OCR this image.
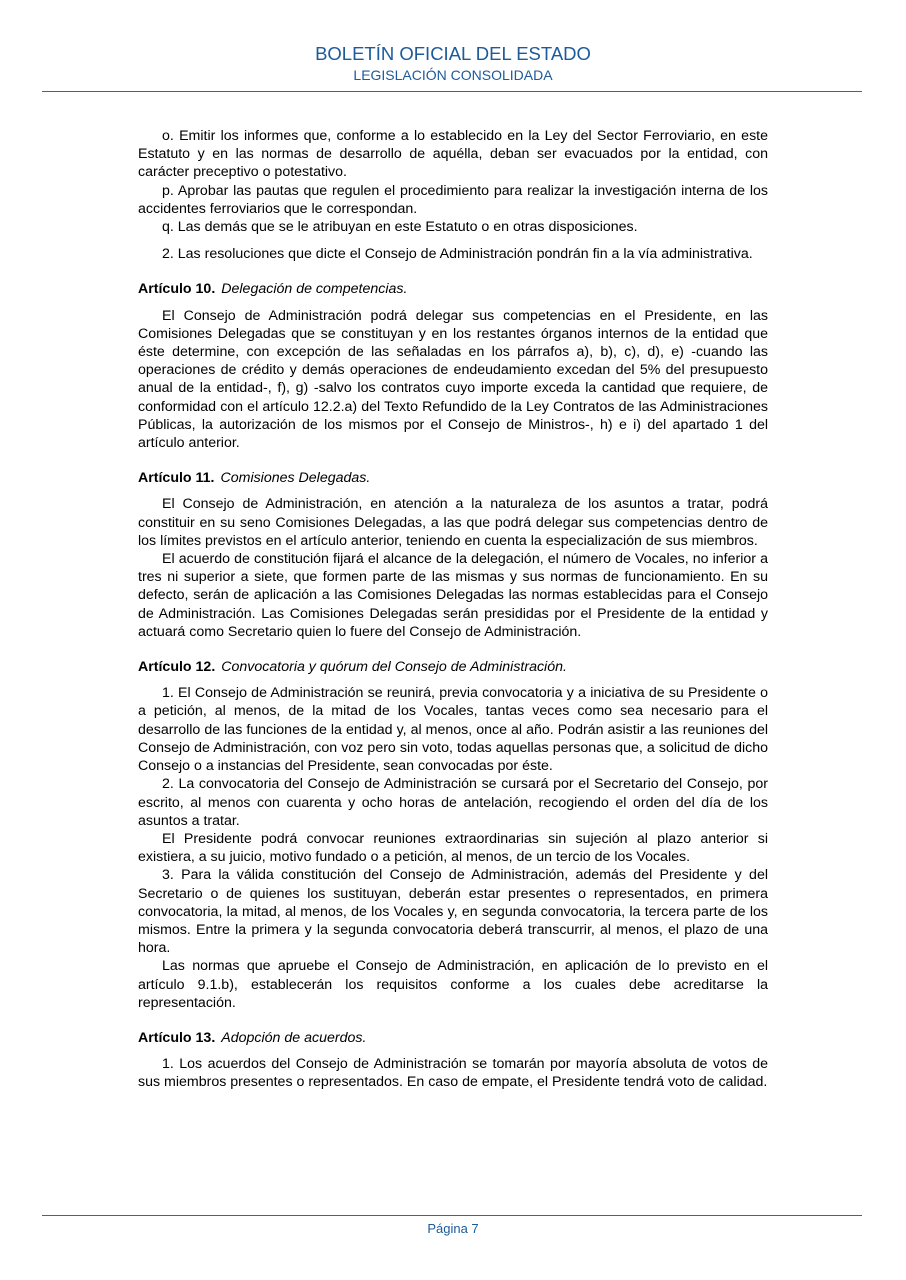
BOLETÍN OFICIAL DEL ESTADO
LEGISLACIÓN CONSOLIDADA

o. Emitir los informes que, conforme a lo establecido en la Ley del Sector Ferroviario, en este Estatuto y en las normas de desarrollo de aquélla, deban ser evacuados por la entidad, con carácter preceptivo o potestativo.

p. Aprobar las pautas que regulen el procedimiento para realizar la investigación interna de los accidentes ferroviarios que le correspondan.

q. Las demás que se le atribuyan en este Estatuto o en otras disposiciones.

2. Las resoluciones que dicte el Consejo de Administración pondrán fin a la vía administrativa.

Artículo 10. Delegación de competencias.

El Consejo de Administración podrá delegar sus competencias en el Presidente, en las Comisiones Delegadas que se constituyan y en los restantes órganos internos de la entidad que éste determine, con excepción de las señaladas en los párrafos a), b), c), d), e) -cuando las operaciones de crédito y demás operaciones de endeudamiento excedan del 5% del presupuesto anual de la entidad-, f), g) -salvo los contratos cuyo importe exceda la cantidad que requiere, de conformidad con el artículo 12.2.a) del Texto Refundido de la Ley Contratos de las Administraciones Públicas, la autorización de los mismos por el Consejo de Ministros-, h) e i) del apartado 1 del artículo anterior.

Artículo 11. Comisiones Delegadas.

El Consejo de Administración, en atención a la naturaleza de los asuntos a tratar, podrá constituir en su seno Comisiones Delegadas, a las que podrá delegar sus competencias dentro de los límites previstos en el artículo anterior, teniendo en cuenta la especialización de sus miembros.

El acuerdo de constitución fijará el alcance de la delegación, el número de Vocales, no inferior a tres ni superior a siete, que formen parte de las mismas y sus normas de funcionamiento. En su defecto, serán de aplicación a las Comisiones Delegadas las normas establecidas para el Consejo de Administración. Las Comisiones Delegadas serán presididas por el Presidente de la entidad y actuará como Secretario quien lo fuere del Consejo de Administración.

Artículo 12. Convocatoria y quórum del Consejo de Administración.

1. El Consejo de Administración se reunirá, previa convocatoria y a iniciativa de su Presidente o a petición, al menos, de la mitad de los Vocales, tantas veces como sea necesario para el desarrollo de las funciones de la entidad y, al menos, once al año. Podrán asistir a las reuniones del Consejo de Administración, con voz pero sin voto, todas aquellas personas que, a solicitud de dicho Consejo o a instancias del Presidente, sean convocadas por éste.

2. La convocatoria del Consejo de Administración se cursará por el Secretario del Consejo, por escrito, al menos con cuarenta y ocho horas de antelación, recogiendo el orden del día de los asuntos a tratar.

El Presidente podrá convocar reuniones extraordinarias sin sujeción al plazo anterior si existiera, a su juicio, motivo fundado o a petición, al menos, de un tercio de los Vocales.

3. Para la válida constitución del Consejo de Administración, además del Presidente y del Secretario o de quienes los sustituyan, deberán estar presentes o representados, en primera convocatoria, la mitad, al menos, de los Vocales y, en segunda convocatoria, la tercera parte de los mismos. Entre la primera y la segunda convocatoria deberá transcurrir, al menos, el plazo de una hora.

Las normas que apruebe el Consejo de Administración, en aplicación de lo previsto en el artículo 9.1.b), establecerán los requisitos conforme a los cuales debe acreditarse la representación.

Artículo 13. Adopción de acuerdos.

1. Los acuerdos del Consejo de Administración se tomarán por mayoría absoluta de votos de sus miembros presentes o representados. En caso de empate, el Presidente tendrá voto de calidad.

Página 7
